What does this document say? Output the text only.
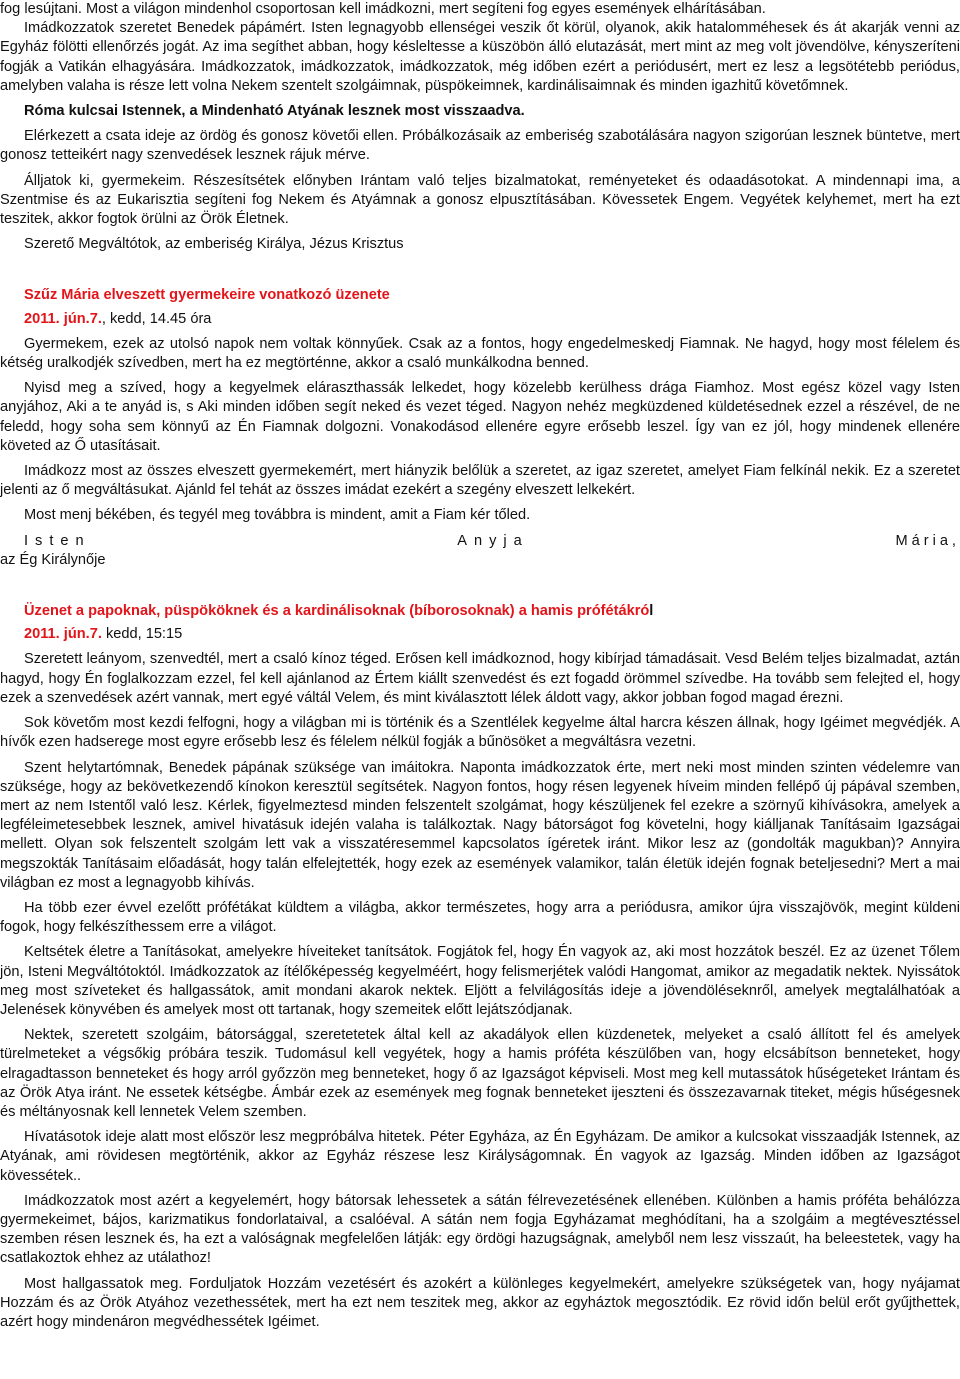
fog lesújtani. Most a világon mindenhol csoportosan kell imádkozni, mert segíteni fog egyes események elhárításában.

Imádkozzatok szeretet Benedek pápámért. Isten legnagyobb ellenségei veszik őt körül, olyanok, akik hatalomméhesek és át akarják venni az Egyház fölötti ellenőrzés jogát. Az ima segíthet abban, hogy késleltesse a küszöbön álló elutazását, mert mint az meg volt jövendölve, kényszeríteni fogják a Vatikán elhagyására. Imádkozzatok, imádkozzatok, imádkozzatok, még időben ezért a periódusért, mert ez lesz a legsötétebb periódus, amelyben valaha is része lett volna Nekem szentelt szolgáimnak, püspökeimnek, kardinálisaimnak és minden igazhitű követőmnek.

Róma kulcsai Istennek, a Mindenható Atyának lesznek most visszaadva.

Elérkezett a csata ideje az ördög és gonosz követői ellen. Próbálkozásaik az emberiség szabotálására nagyon szigorúan lesznek büntetve, mert gonosz tetteikért nagy szenvedések lesznek rájuk mérve.

Álljatok ki, gyermekeim. Részesítsétek előnyben Irántam való teljes bizalmatokat, reményeteket és odaadásotokat. A mindennapi ima, a Szentmise és az Eukarisztia segíteni fog Nekem és Atyámnak a gonosz elpusztításában. Kövessetek Engem. Vegyétek kelyhemet, mert ha ezt teszitek, akkor fogtok örülni az Örök Életnek.

Szerető Megváltótok, az emberiség Királya, Jézus Krisztus

Szűz Mária elveszett gyermekeire vonatkozó üzenete

2011. jún.7., kedd, 14.45 óra

Gyermekem, ezek az utolsó napok nem voltak könnyűek. Csak az a fontos, hogy engedelmeskedj Fiamnak. Ne hagyd, hogy most félelem és kétség uralkodjék szívedben, mert ha ez megtörténne, akkor a csaló munkálkodna benned.

Nyisd meg a szíved, hogy a kegyelmek eláraszthassák lelkedet, hogy közelebb kerülhess drága Fiamhoz. Most egész közel vagy Isten anyjához, Aki a te anyád is, s Aki minden időben segít neked és vezet téged. Nagyon nehéz megküzdened küldetésednek ezzel a részével, de ne feledd, hogy soha sem könnyű az Én Fiamnak dolgozni. Vonakodásod ellenére egyre erősebb leszel. Így van ez jól, hogy mindenek ellenére követed az Ő utasításait.

Imádkozz most az összes elveszett gyermekemért, mert hiányzik belőlük a szeretet, az igaz szeretet, amelyet Fiam felkínál nekik. Ez a szeretet jelenti az ő megváltásukat. Ajánld fel tehát az összes imádat ezekért a szegény elveszett lelkekért.

Most menj békében, és tegyél meg továbbra is mindent, amit a Fiam kér tőled.

Isten	Anyja	Mária,

az Ég Királynője

Üzenet a papoknak, püspököknek és a kardinálisoknak (bíborosoknak) a hamis prófétákról

2011. jún.7. kedd, 15:15

Szeretett leányom, szenvedtél, mert a csaló kínoz téged. Erősen kell imádkoznod, hogy kibírjad támadásait. Vesd Belém teljes bizalmadat, aztán hagyd, hogy Én foglalkozzam ezzel, fel kell ajánlanod az Értem kiállt szenvedést és ezt fogadd örömmel szívedbe. Ha tovább sem felejted el, hogy ezek a szenvedések azért vannak, mert egyé váltál Velem, és mint kiválasztott lélek áldott vagy, akkor jobban fogod magad érezni.

Sok követőm most kezdi felfogni, hogy a világban mi is történik és a Szentlélek kegyelme által harcra készen állnak, hogy Igéimet megvédjék. A hívők ezen hadserege most egyre erősebb lesz és félelem nélkül fogják a bűnösöket a megváltásra vezetni.

Szent helytartómnak, Benedek pápának szüksége van imáitokra. Naponta imádkozzatok érte, mert neki most minden szinten védelemre van szüksége, hogy az bekövetkezendő kínokon keresztül segítsétek. Nagyon fontos, hogy résen legyenek híveim minden fellépő új pápával szemben, mert az nem Istentől való lesz. Kérlek, figyelmeztesd minden felszentelt szolgámat, hogy készüljenek fel ezekre a szörnyű kihívásokra, amelyek a legféleimetesebbek lesznek, amivel hivatásuk idején valaha is találkoztak. Nagy bátorságot fog követelni, hogy kiálljanak Tanításaim Igazságai mellett. Olyan sok felszentelt szolgám lett vak a visszatéresemmel kapcsolatos ígéretek iránt. Mikor lesz az (gondolták magukban)? Annyira megszokták Tanításaim előadását, hogy talán elfelejtették, hogy ezek az események valamikor, talán életük idején fognak beteljesedni? Mert a mai világban ez most a legnagyobb kihívás.

Ha több ezer évvel ezelőtt prófétákat küldtem a világba, akkor természetes, hogy arra a periódusra, amikor újra visszajövök, megint küldeni fogok, hogy felkészíthessem erre a világot.

Keltsétek életre a Tanításokat, amelyekre híveiteket tanítsátok. Fogjátok fel, hogy Én vagyok az, aki most hozzátok beszél. Ez az üzenet Tőlem jön, Isteni Megváltótoktól. Imádkozzatok az ítélőképesség kegyelméért, hogy felismerjétek valódi Hangomat, amikor az megadatik nektek. Nyissátok meg most szíveteket és hallgassátok, amit mondani akarok nektek. Eljött a felvilágosítás ideje a jövendöléseknről, amelyek megtalálhatóak a Jelenések könyvében és amelyek most ott tartanak, hogy szemeitek előtt lejátszódjanak.

Nektek, szeretett szolgáim, bátorsággal, szeretetetek által kell az akadályok ellen küzdenetek, melyeket a csaló állított fel és amelyek türelmeteket a végsőkig próbára teszik. Tudomásul kell vegyétek, hogy a hamis próféta készülőben van, hogy elcsábítson benneteket, hogy elragadtasson benneteket és hogy arról győzzön meg benneteket, hogy ő az Igazságot képviseli. Most meg kell mutassátok hűségeteket Irántam és az Örök Atya iránt. Ne essetek kétségbe. Ámbár ezek az események meg fognak benneteket ijeszteni és összezavarnak titeket, mégis hűségesnek és méltányosnak kell lennetek Velem szemben.

Hívatásotok ideje alatt most először lesz megpróbálva hitetek. Péter Egyháza, az Én Egyházam. De amikor a kulcsokat visszaadják Istennek, az Atyának, ami rövidesen megtörténik, akkor az Egyház részese lesz Királyságomnak. Én vagyok az Igazság. Minden időben az Igazságot kövessétek..

Imádkozzatok most azért a kegyelemért, hogy bátorsak lehessetek a sátán félrevezetésének ellenében. Különben a hamis próféta behálózza gyermekeimet, bájos, karizmatikus fondorlataival, a csalóéval. A sátán nem fogja Egyházamat meghódítani, ha a szolgáim a megtévesztéssel szemben résen lesznek és, ha ezt a valóságnak megfelelően látják: egy ördögi hazugságnak, amelyből nem lesz visszaút, ha beleestetek, vagy ha csatlakoztok ehhez az utálathoz!

Most hallgassatok meg. Forduljatok Hozzám vezetésért és azokért a különleges kegyelmekért, amelyekre szükségetek van, hogy nyájamat Hozzám és az Örök Atyához vezethessétek, mert ha ezt nem teszitek meg, akkor az egyháztok megosztódik. Ez rövid időn belül erőt gyűjthettek, azért hogy mindenáron megvédhessétek Igéimet.
